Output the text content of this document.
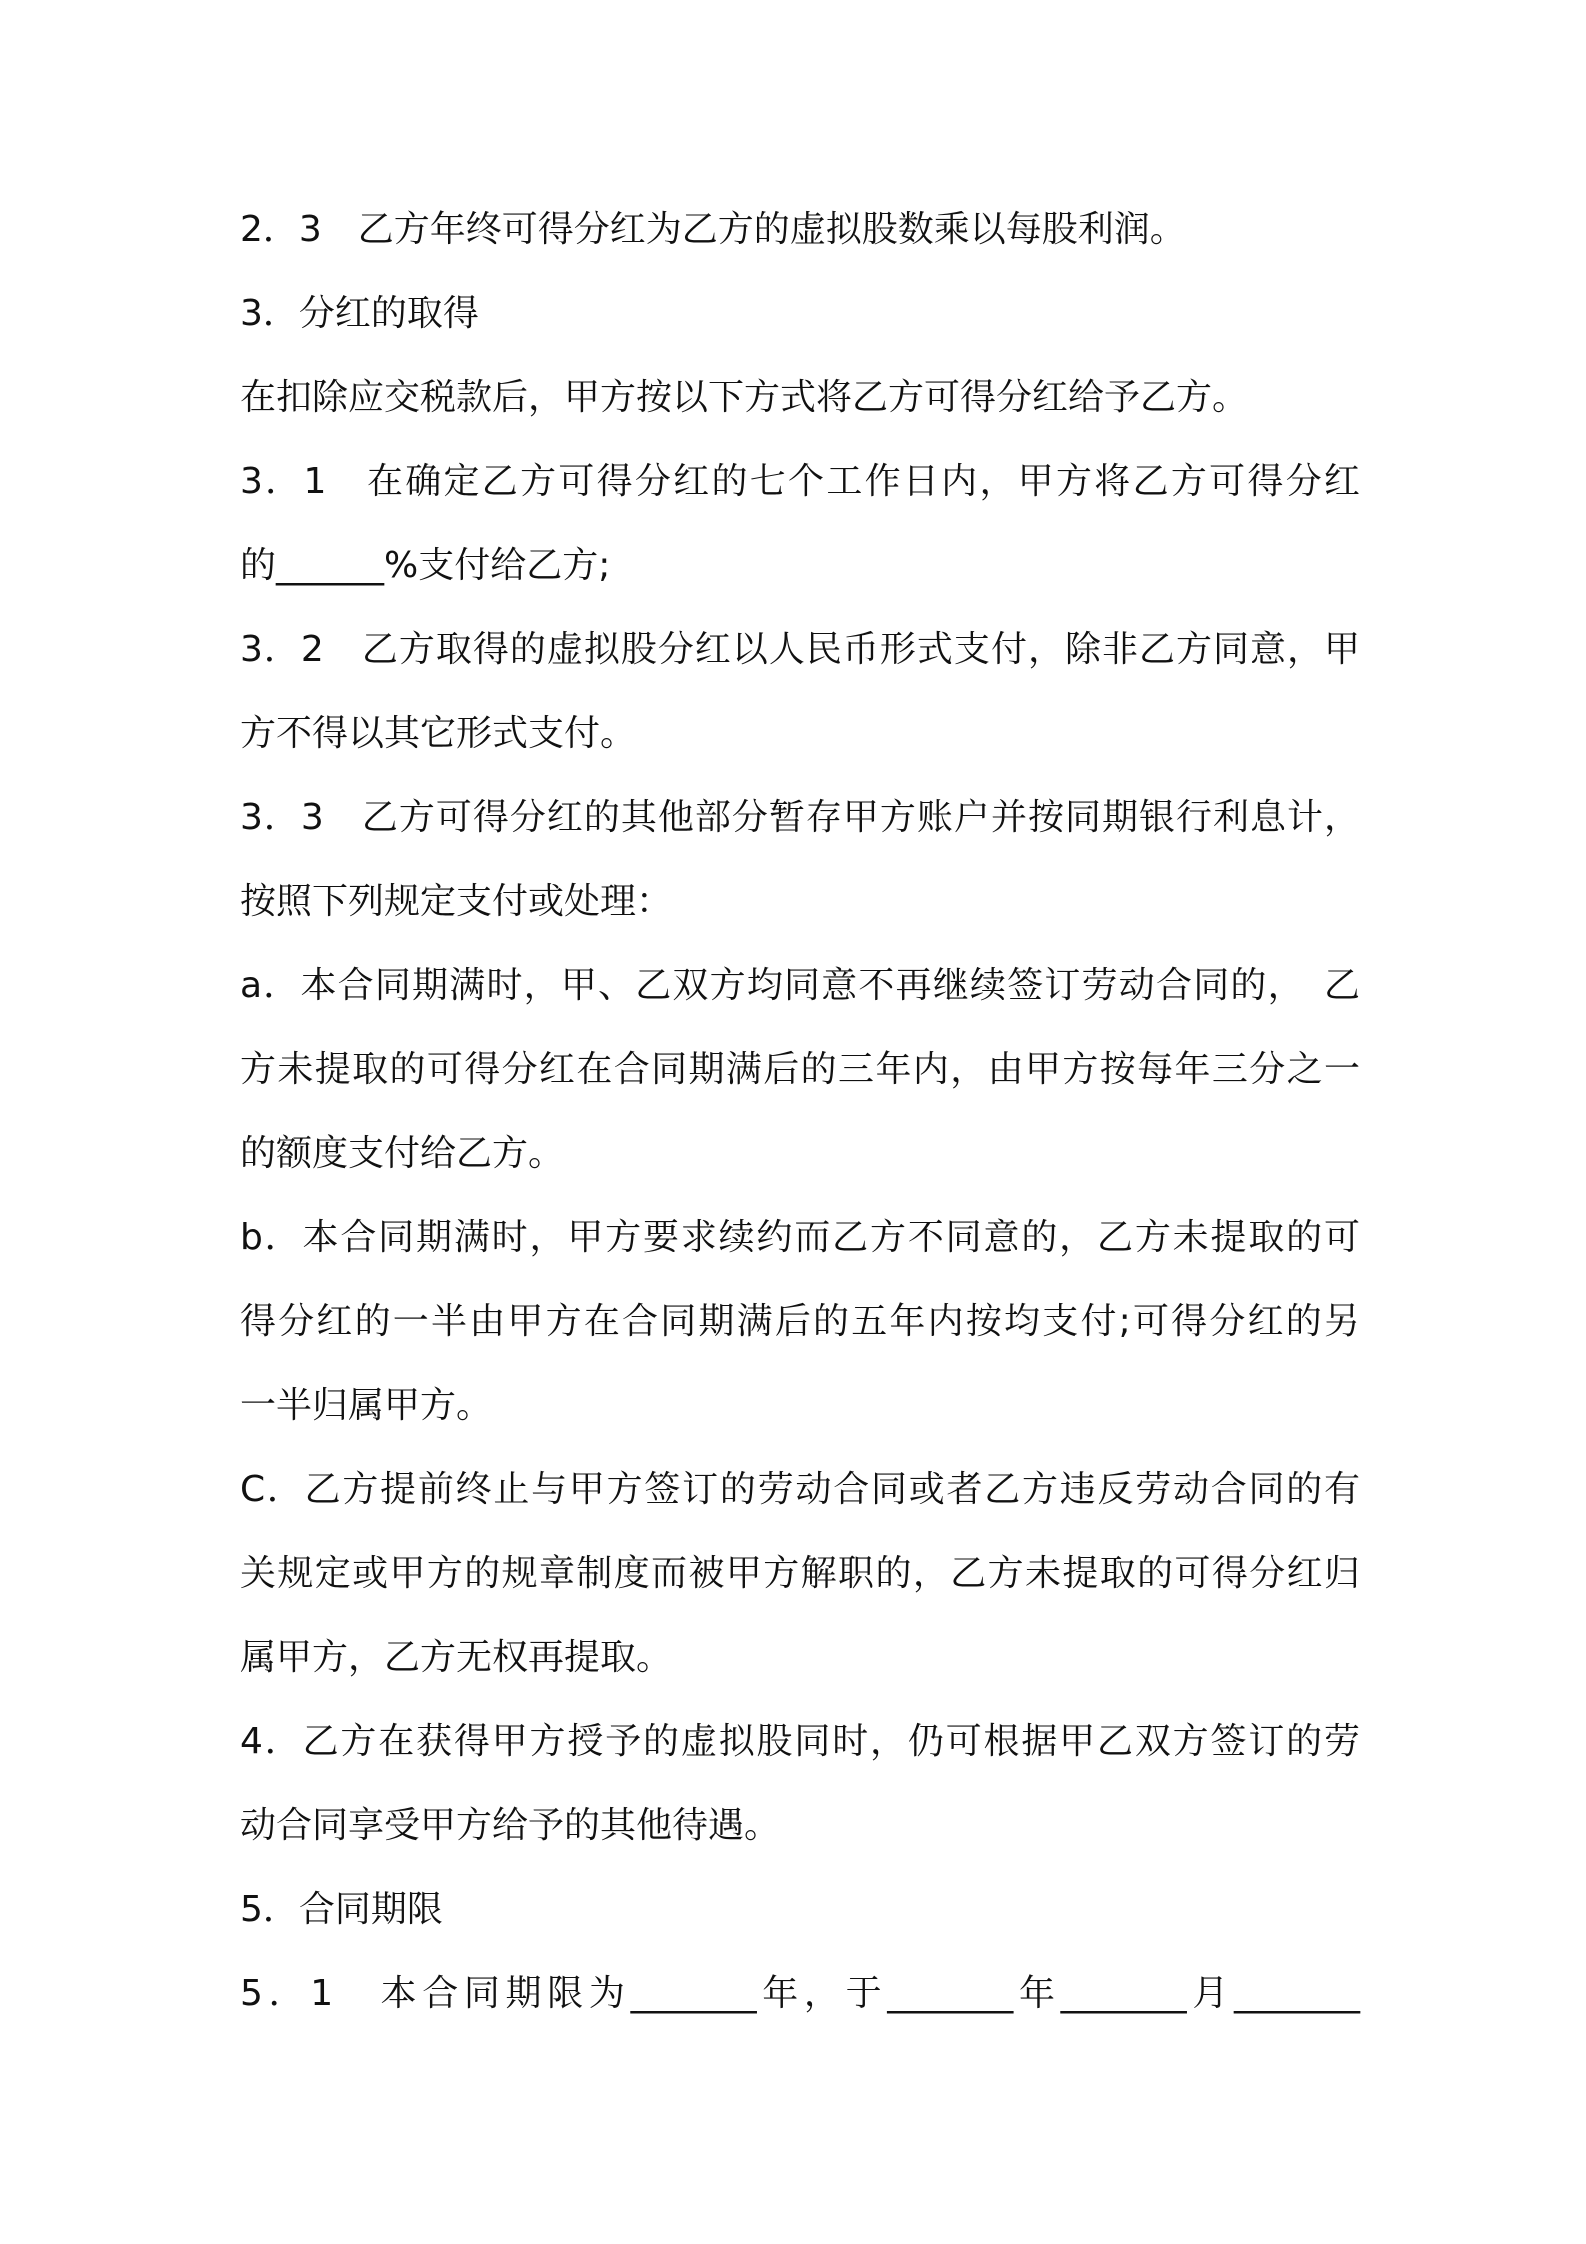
2．3　乙方年终可得分红为乙方的虚拟股数乘以每股利润。
3．分红的取得
在扣除应交税款后，甲方按以下方式将乙方可得分红给予乙方。
3．1　在确定乙方可得分红的七个工作日内，甲方将乙方可得分红
的______%支付给乙方;
3．2　乙方取得的虚拟股分红以人民币形式支付，除非乙方同意，甲
方不得以其它形式支付。
3．3　乙方可得分红的其他部分暂存甲方账户并按同期银行利息计，
按照下列规定支付或处理：
a．本合同期满时，甲、乙双方均同意不再继续签订劳动合同的，　乙
方未提取的可得分红在合同期满后的三年内，由甲方按每年三分之一
的额度支付给乙方。
b．本合同期满时，甲方要求续约而乙方不同意的，乙方未提取的可
得分红的一半由甲方在合同期满后的五年内按均支付;可得分红的另
一半归属甲方。
C．乙方提前终止与甲方签订的劳动合同或者乙方违反劳动合同的有
关规定或甲方的规章制度而被甲方解职的，乙方未提取的可得分红归
属甲方，乙方无权再提取。
4．乙方在获得甲方授予的虚拟股同时，仍可根据甲乙双方签订的劳
动合同享受甲方给予的其他待遇。
5．合同期限
5．1　本合同期限为_______年，于_______年_______月_______
